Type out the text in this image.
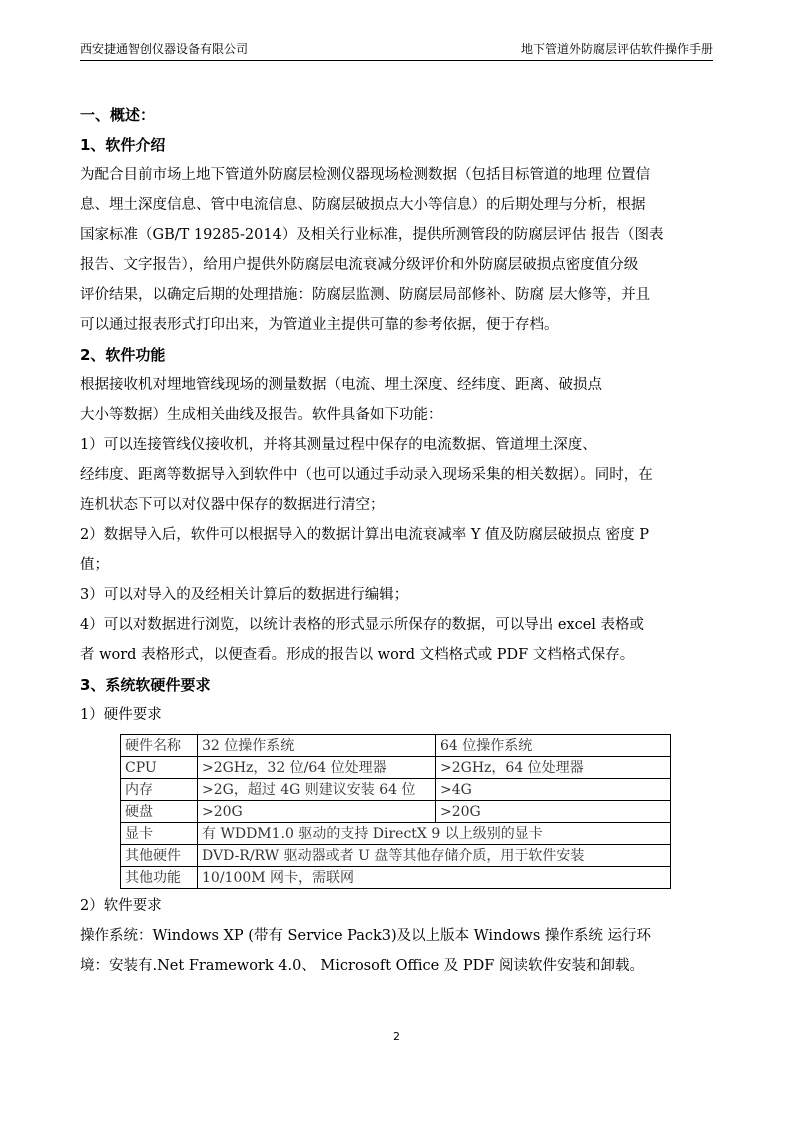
西安捷通智创仪器设备有限公司	地下管道外防腐层评估软件操作手册
一、概述：
1、软件介绍
为配合目前市场上地下管道外防腐层检测仪器现场检测数据（包括目标管道的地理 位置信
息、埋土深度信息、管中电流信息、防腐层破损点大小等信息）的后期处理与分析，根据
国家标准（GB/T 19285-2014）及相关行业标准，提供所测管段的防腐层评估 报告（图表
报告、文字报告），给用户提供外防腐层电流衰减分级评价和外防腐层破损点密度值分级
评价结果，以确定后期的处理措施：防腐层监测、防腐层局部修补、防腐 层大修等，并且
可以通过报表形式打印出来，为管道业主提供可靠的参考依据，便于存档。
2、软件功能
根据接收机对埋地管线现场的测量数据（电流、埋土深度、经纬度、距离、破损点
大小等数据）生成相关曲线及报告。软件具备如下功能：
1）可以连接管线仪接收机，并将其测量过程中保存的电流数据、管道埋土深度、
经纬度、距离等数据导入到软件中（也可以通过手动录入现场采集的相关数据）。同时，在
连机状态下可以对仪器中保存的数据进行清空；
2）数据导入后，软件可以根据导入的数据计算出电流衰减率 Y 值及防腐层破损点 密度 P
值；
3）可以对导入的及经相关计算后的数据进行编辑；
4）可以对数据进行浏览，以统计表格的形式显示所保存的数据，可以导出 excel 表格或
者 word 表格形式，以便查看。形成的报告以 word 文档格式或 PDF 文档格式保存。
3、系统软硬件要求
1）硬件要求
硬件名称	32 位操作系统	64 位操作系统
CPU	>2GHz，32 位/64 位处理器	>2GHz，64 位处理器
内存	>2G，超过 4G 则建议安装 64 位	>4G
硬盘	>20G	>20G
显卡	有 WDDM1.0 驱动的支持 DirectX 9 以上级别的显卡	
其他硬件	DVD-R/RW 驱动器或者 U 盘等其他存储介质，用于软件安装	
其他功能	10/100M 网卡，需联网	
2）软件要求
操作系统：Windows XP (带有 Service Pack3)及以上版本 Windows 操作系统 运行环
境：安装有.Net Framework 4.0、 Microsoft Office 及 PDF 阅读软件安装和卸载。
2
